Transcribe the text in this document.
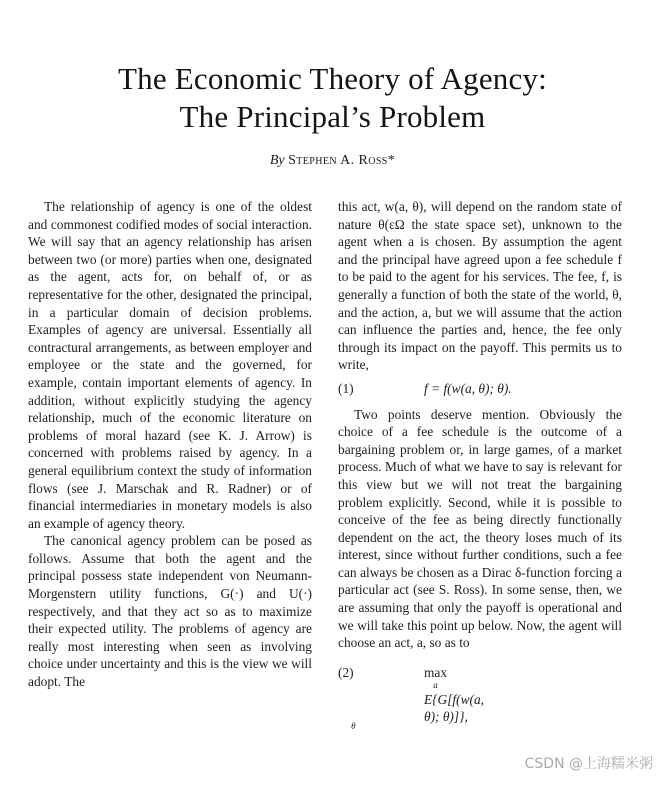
The Economic Theory of Agency:
The Principal’s Problem
By Stephen A. Ross*

The relationship of agency is one of the oldest and commonest codified modes of social interaction. We will say that an agency relationship has arisen between two (or more) parties when one, designated as the agent, acts for, on behalf of, or as representative for the other, designated the principal, in a particular domain of decision problems. Examples of agency are universal. Essentially all contractural arrangements, as between employer and employee or the state and the governed, for example, contain important elements of agency. In addition, without explicitly studying the agency relationship, much of the economic literature on problems of moral hazard (see K. J. Arrow) is concerned with problems raised by agency. In a general equilibrium context the study of information flows (see J. Marschak and R. Radner) or of financial intermediaries in monetary models is also an example of agency theory.

The canonical agency problem can be posed as follows. Assume that both the agent and the principal possess state independent von Neumann-Morgenstern utility functions, G(·) and U(·) respectively, and that they act so as to maximize their expected utility. The problems of agency are really most interesting when seen as involving choice under uncertainty and this is the view we will adopt. The

this act, w(a, θ), will depend on the random state of nature θ(εΩ the state space set), unknown to the agent when a is chosen. By assumption the agent and the principal have agreed upon a fee schedule f to be paid to the agent for his services. The fee, f, is generally a function of both the state of the world, θ, and the action, a, but we will assume that the action can influence the parties and, hence, the fee only through its impact on the payoff. This permits us to write,

(1)	f = f(w(a, θ); θ).

Two points deserve mention. Obviously the choice of a fee schedule is the outcome of a bargaining problem or, in large games, of a market process. Much of what we have to say is relevant for this view but we will not treat the bargaining problem explicitly. Second, while it is possible to conceive of the fee as being directly functionally dependent on the act, the theory loses much of its interest, since without further conditions, such a fee can always be chosen as a Dirac δ-function forcing a particular act (see S. Ross). In some sense, then, we are assuming that only the payoff is operational and we will take this point up below. Now, the agent will choose an act, a, so as to

(2)	max
a
E{G[f(w(a, θ); θ)]}, $_\theta$
CSDN @上海糯米粥
